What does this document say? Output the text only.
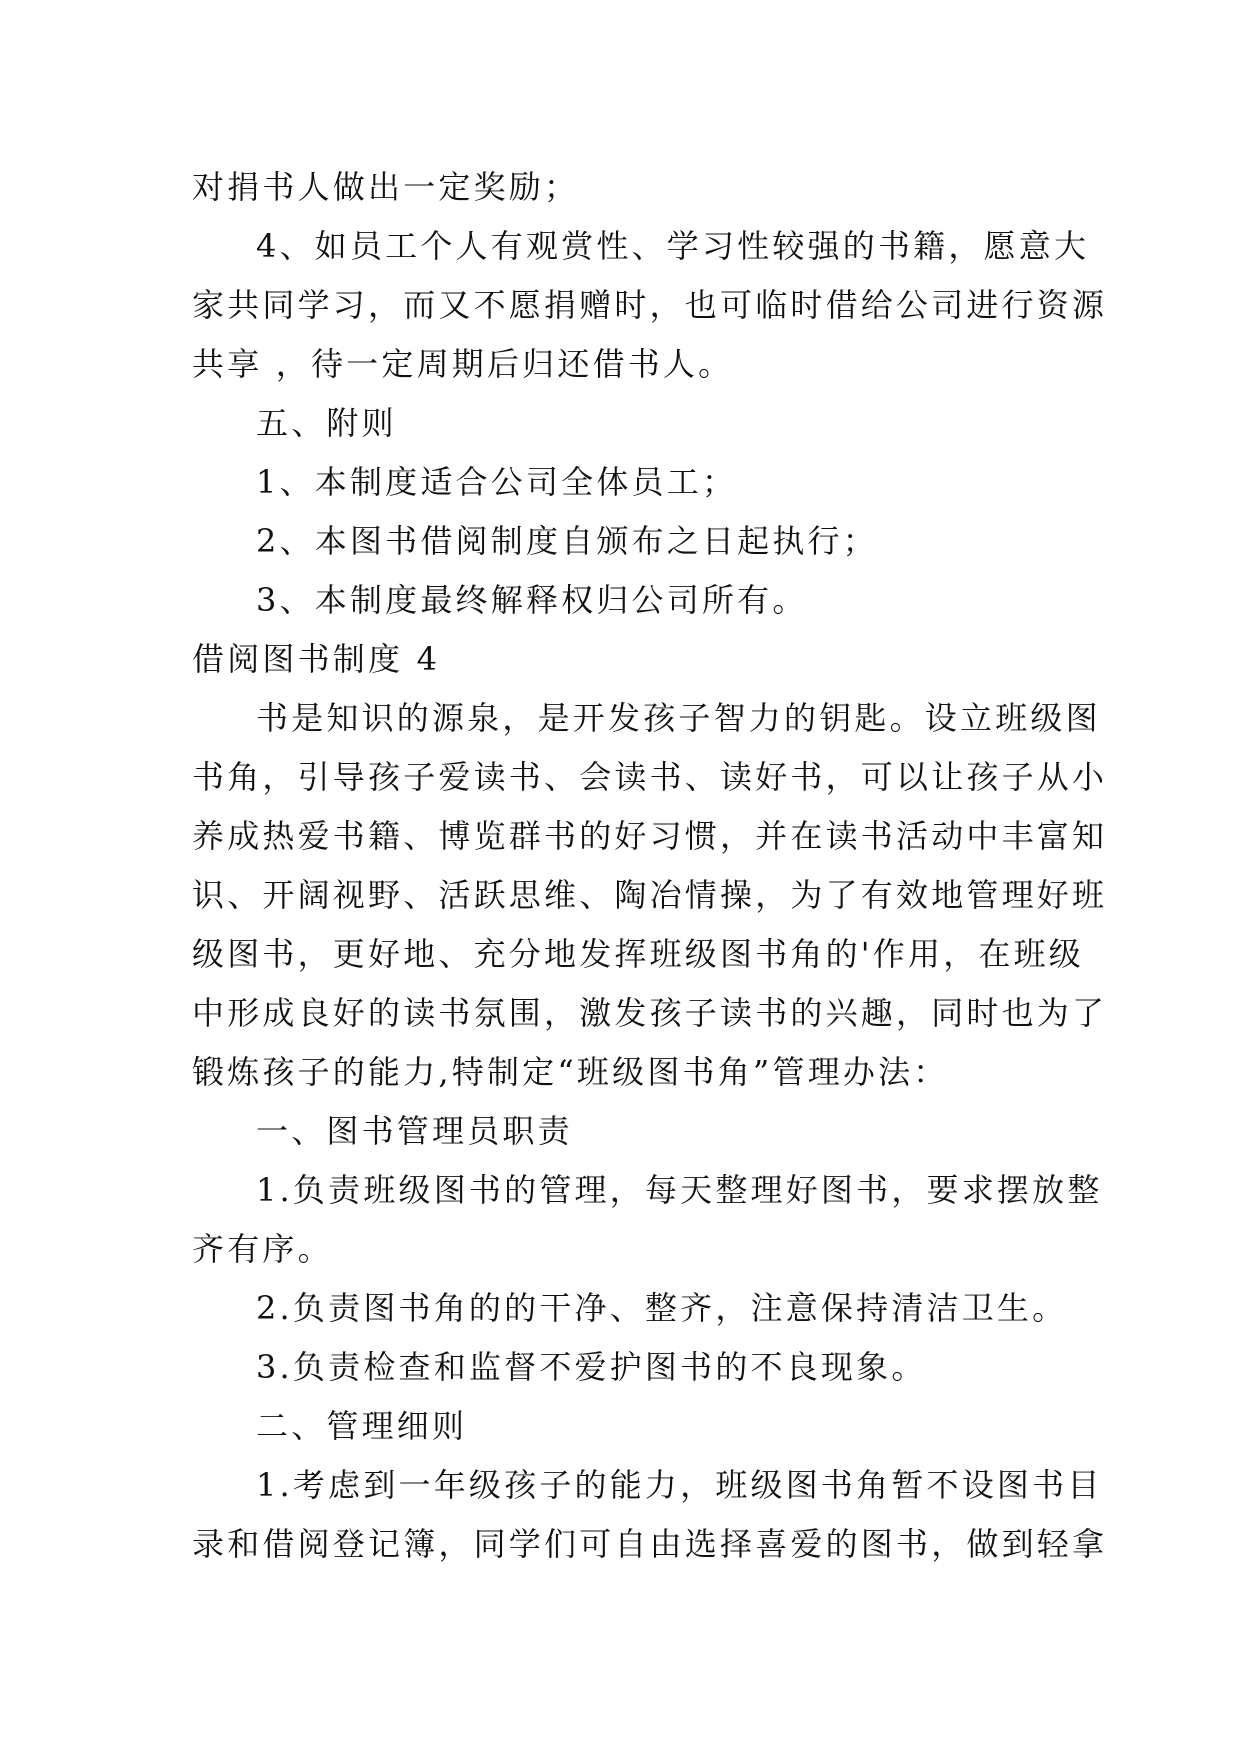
对捐书人做出一定奖励；
4、如员工个人有观赏性、学习性较强的书籍，愿意大
家共同学习，而又不愿捐赠时，也可临时借给公司进行资源
共享 ，待一定周期后归还借书人。
五、附则
1、本制度适合公司全体员工；
2、本图书借阅制度自颁布之日起执行；
3、本制度最终解释权归公司所有。
借阅图书制度 4
书是知识的源泉，是开发孩子智力的钥匙。设立班级图
书角，引导孩子爱读书、会读书、读好书，可以让孩子从小
养成热爱书籍、博览群书的好习惯，并在读书活动中丰富知
识、开阔视野、活跃思维、陶冶情操，为了有效地管理好班
级图书，更好地、充分地发挥班级图书角的'作用，在班级
中形成良好的读书氛围，激发孩子读书的兴趣，同时也为了
锻炼孩子的能力,特制定“班级图书角”管理办法：
一、图书管理员职责
1.负责班级图书的管理，每天整理好图书，要求摆放整
齐有序。
2.负责图书角的的干净、整齐，注意保持清洁卫生。
3.负责检查和监督不爱护图书的不良现象。
二、管理细则
1.考虑到一年级孩子的能力，班级图书角暂不设图书目
录和借阅登记簿，同学们可自由选择喜爱的图书，做到轻拿
